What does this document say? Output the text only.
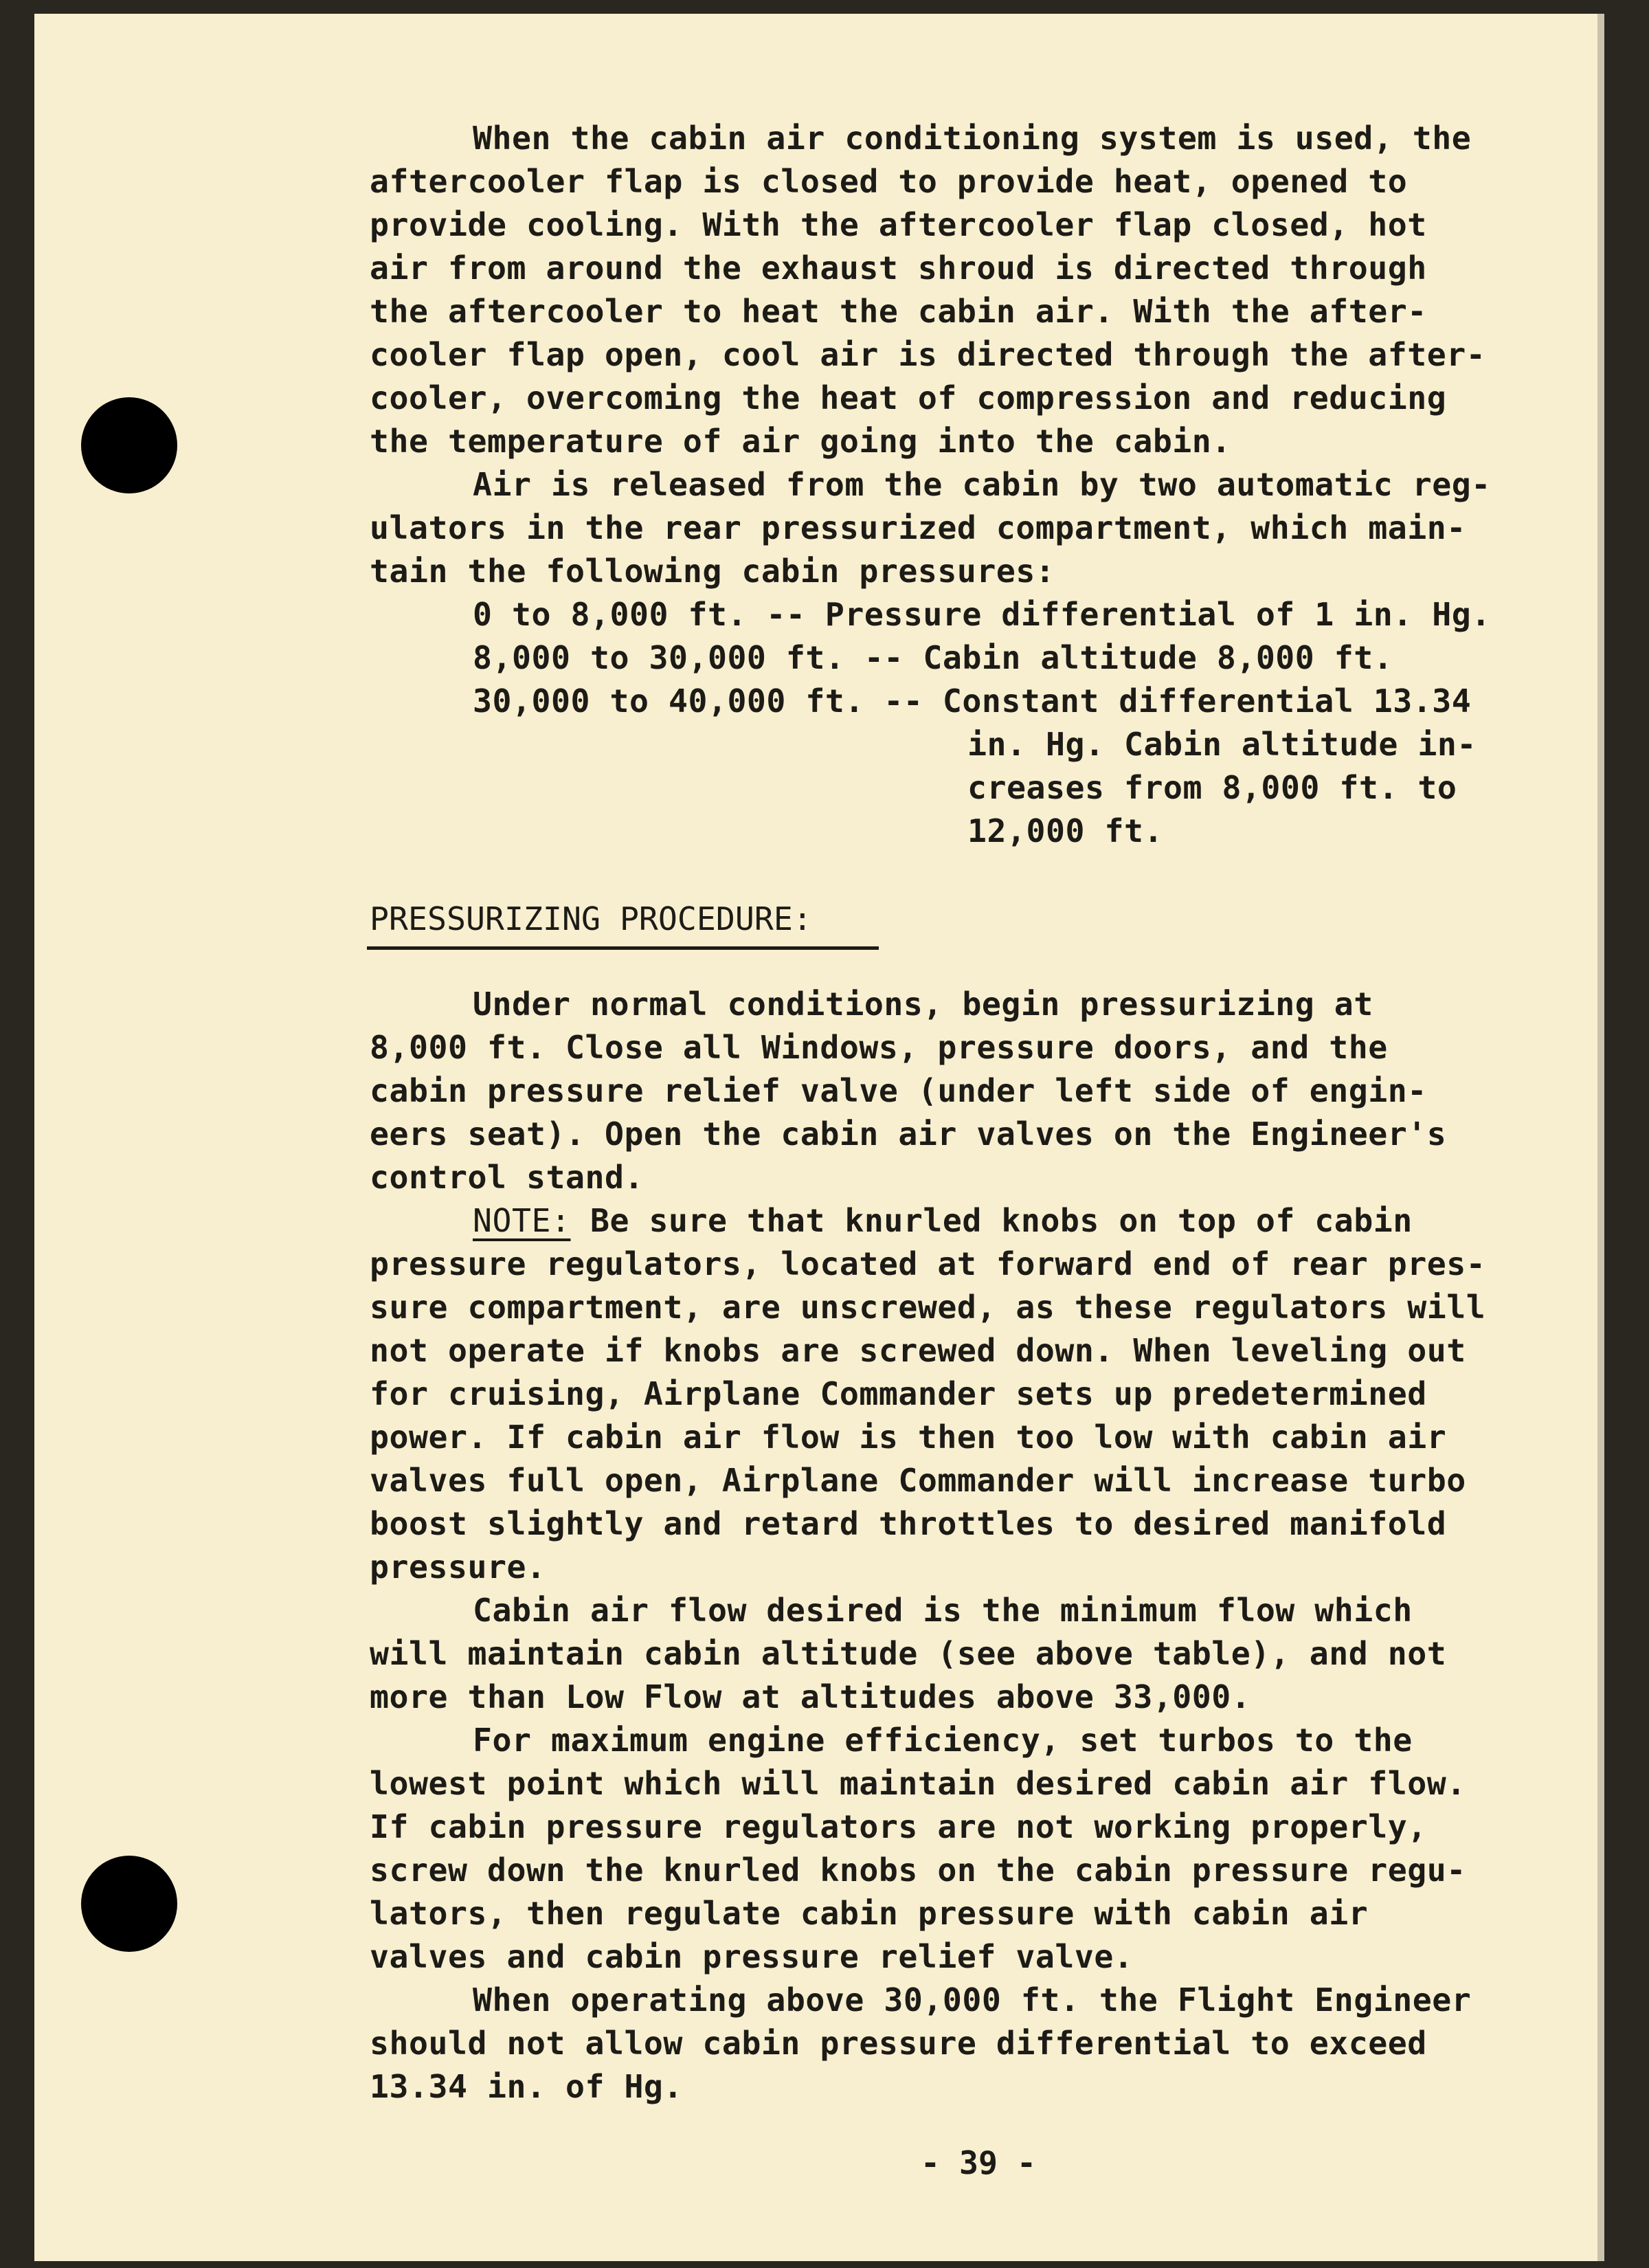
When the cabin air conditioning system is used, the
aftercooler flap is closed to provide heat, opened to
provide cooling. With the aftercooler flap closed, hot
air from around the exhaust shroud is directed through
the aftercooler to heat the cabin air. With the after-
cooler flap open, cool air is directed through the after-
cooler, overcoming the heat of compression and reducing
the temperature of air going into the cabin.
Air is released from the cabin by two automatic reg-
ulators in the rear pressurized compartment, which main-
tain the following cabin pressures:
0 to 8,000 ft. -- Pressure differential of 1 in. Hg.
8,000 to 30,000 ft. -- Cabin altitude 8,000 ft.
30,000 to 40,000 ft. -- Constant differential 13.34
in. Hg. Cabin altitude in-
creases from 8,000 ft. to
12,000 ft.
PRESSURIZING PROCEDURE:
Under normal conditions, begin pressurizing at
8,000 ft. Close all Windows, pressure doors, and the
cabin pressure relief valve (under left side of engin-
eers seat). Open the cabin air valves on the Engineer's
control stand.
NOTE: Be sure that knurled knobs on top of cabin
pressure regulators, located at forward end of rear pres-
sure compartment, are unscrewed, as these regulators will
not operate if knobs are screwed down. When leveling out
for cruising, Airplane Commander sets up predetermined
power. If cabin air flow is then too low with cabin air
valves full open, Airplane Commander will increase turbo
boost slightly and retard throttles to desired manifold
pressure.
Cabin air flow desired is the minimum flow which
will maintain cabin altitude (see above table), and not
more than Low Flow at altitudes above 33,000.
For maximum engine efficiency, set turbos to the
lowest point which will maintain desired cabin air flow.
If cabin pressure regulators are not working properly,
screw down the knurled knobs on the cabin pressure regu-
lators, then regulate cabin pressure with cabin air
valves and cabin pressure relief valve.
When operating above 30,000 ft. the Flight Engineer
should not allow cabin pressure differential to exceed
13.34 in. of Hg.
- 39 -
